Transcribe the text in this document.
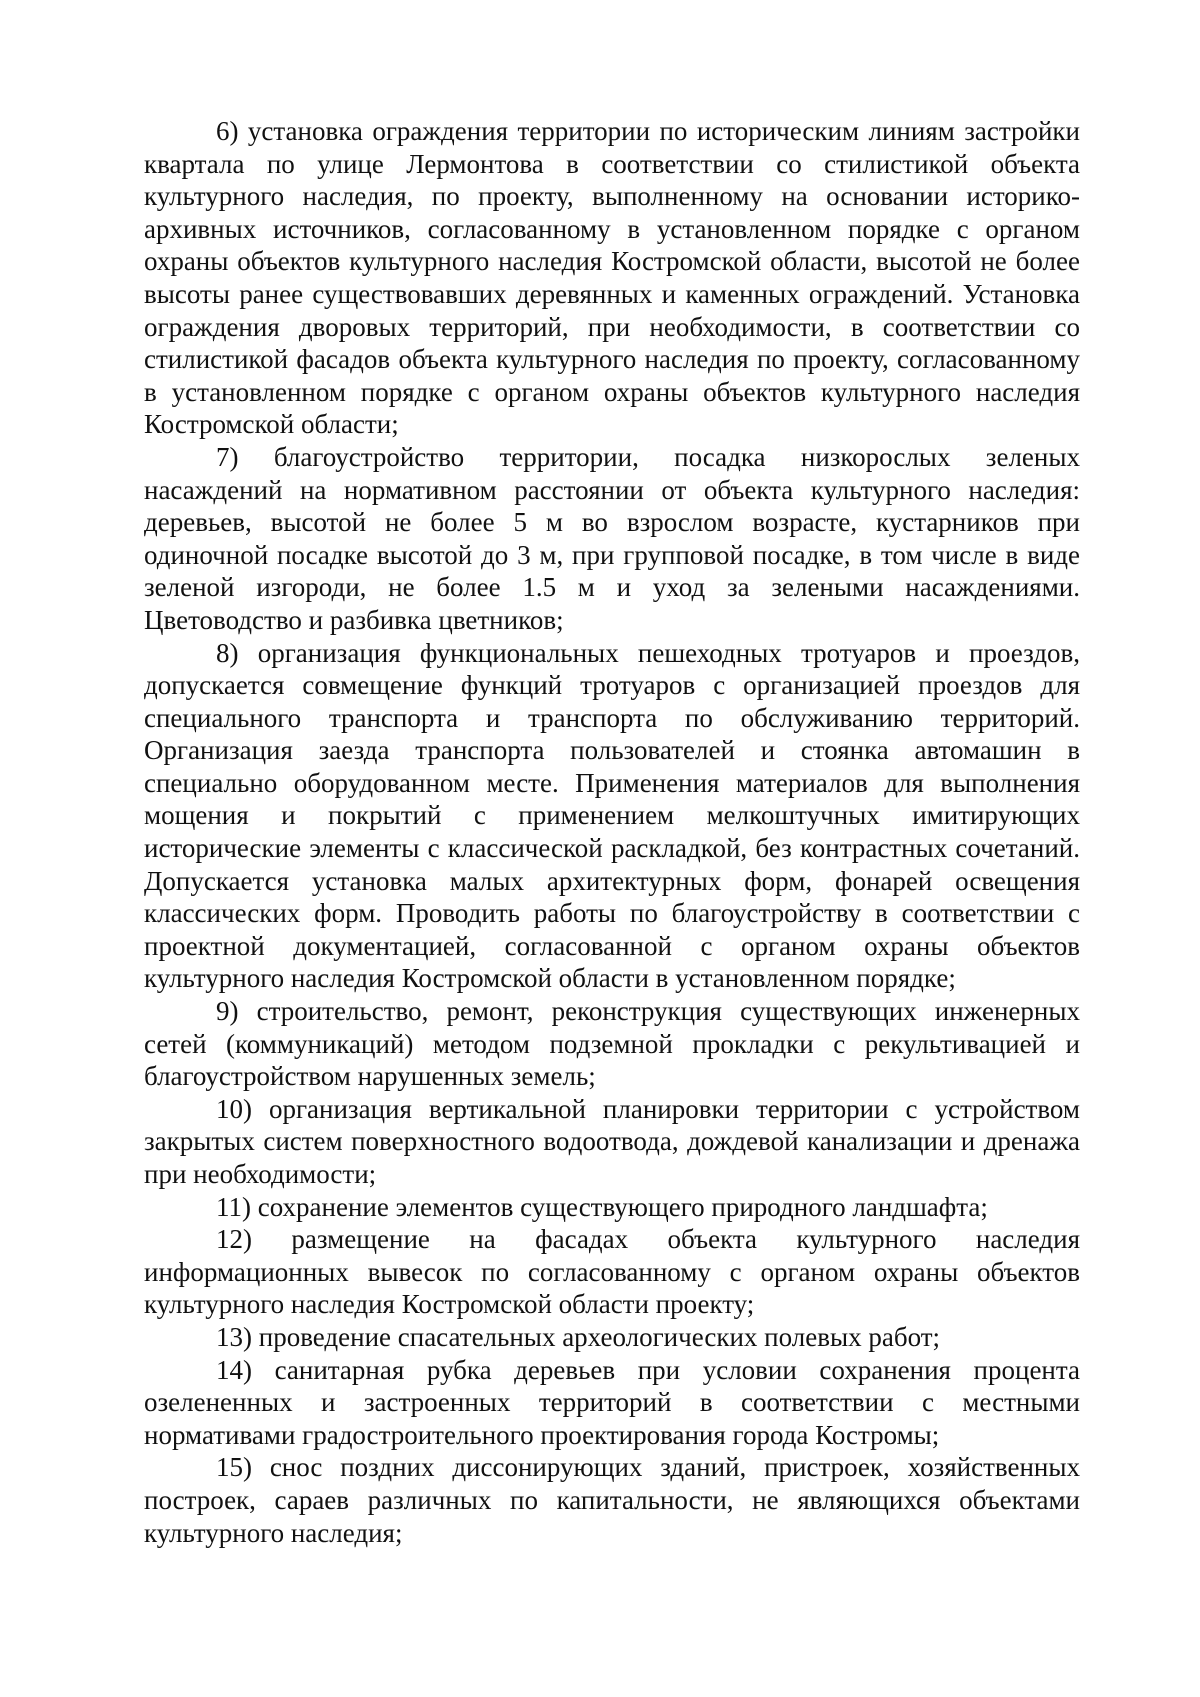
6) установка ограждения территории по историческим линиям застройки квартала по улице Лермонтова в соответствии со стилистикой объекта культурного наследия, по проекту, выполненному на основании историко-архивных источников, согласованному в установленном порядке с органом охраны объектов культурного наследия Костромской области, высотой не более высоты ранее существовавших деревянных и каменных ограждений. Установка ограждения дворовых территорий, при необходимости, в соответствии со стилистикой фасадов объекта культурного наследия по проекту, согласованному в установленном порядке с органом охраны объектов культурного наследия Костромской области;

7) благоустройство территории, посадка низкорослых зеленых насаждений на нормативном расстоянии от объекта культурного наследия: деревьев, высотой не более 5 м во взрослом возрасте, кустарников при одиночной посадке высотой до 3 м, при групповой посадке, в том числе в виде зеленой изгороди, не более 1.5 м и уход за зелеными насаждениями. Цветоводство и разбивка цветников;

8) организация функциональных пешеходных тротуаров и проездов, допускается совмещение функций тротуаров с организацией проездов для специального транспорта и транспорта по обслуживанию территорий. Организация заезда транспорта пользователей и стоянка автомашин в специально оборудованном месте. Применения материалов для выполнения мощения и покрытий с применением мелкоштучных имитирующих исторические элементы с классической раскладкой, без контрастных сочетаний. Допускается установка малых архитектурных форм, фонарей освещения классических форм. Проводить работы по благоустройству в соответствии с проектной документацией, согласованной с органом охраны объектов культурного наследия Костромской области в установленном порядке;

9) строительство, ремонт, реконструкция существующих инженерных сетей (коммуникаций) методом подземной прокладки с рекультивацией и благоустройством нарушенных земель;

10) организация вертикальной планировки территории с устройством закрытых систем поверхностного водоотвода, дождевой канализации и дренажа при необходимости;

11) сохранение элементов существующего природного ландшафта;

12) размещение на фасадах объекта культурного наследия информационных вывесок по согласованному с органом охраны объектов культурного наследия Костромской области проекту;

13) проведение спасательных археологических полевых работ;

14) санитарная рубка деревьев при условии сохранения процента озелененных и застроенных территорий в соответствии с местными нормативами градостроительного проектирования города Костромы;

15) снос поздних диссонирующих зданий, пристроек, хозяйственных построек, сараев различных по капитальности, не являющихся объектами культурного наследия;
